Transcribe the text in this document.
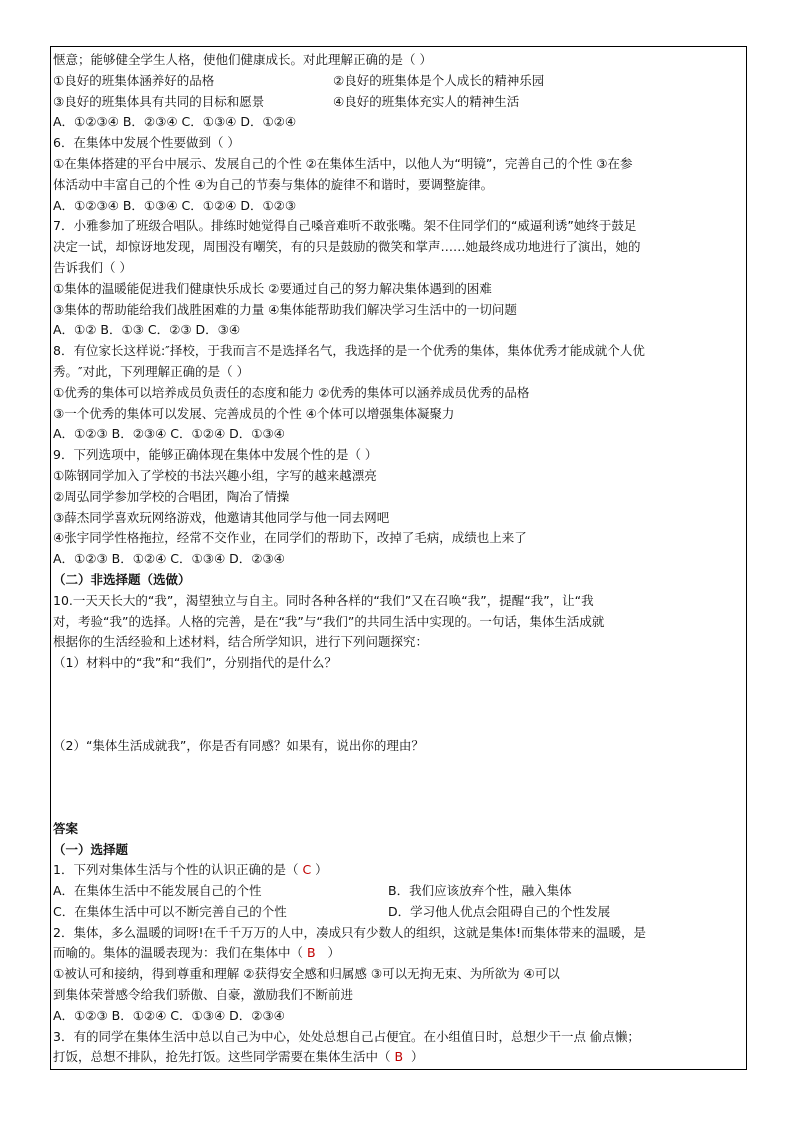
惬意；能够健全学生人格，使他们健康成长。对此理解正确的是（ ）
①良好的班集体涵养好的品格	②良好的班集体是个人成长的精神乐园
③良好的班集体具有共同的目标和愿景	④良好的班集体充实人的精神生活
A．①②③④ B．②③④ C．①③④ D．①②④
6．在集体中发展个性要做到（ ）
①在集体搭建的平台中展示、发展自己的个性 ②在集体生活中，以他人为“明镜”，完善自己的个性 ③在参
体活动中丰富自己的个性 ④为自己的节奏与集体的旋律不和谐时，要调整旋律。
A．①②③④ B．①③④ C．①②④ D．①②③
7．小雅参加了班级合唱队。排练时她觉得自己嗓音难听不敢张嘴。架不住同学们的“威逼利诱”她终于鼓足
决定一试，却惊讶地发现，周围没有嘲笑，有的只是鼓励的微笑和掌声……她最终成功地进行了演出，她的
告诉我们（ ）
①集体的温暖能促进我们健康快乐成长 ②要通过自己的努力解决集体遇到的困难
③集体的帮助能给我们战胜困难的力量 ④集体能帮助我们解决学习生活中的一切问题
A．①② B．①③ C．②③ D．③④
8．有位家长这样说:″择校，于我而言不是选择名气，我选择的是一个优秀的集体，集体优秀才能成就个人优
秀。″对此，下列理解正确的是（ ）
①优秀的集体可以培养成员负责任的态度和能力 ②优秀的集体可以涵养成员优秀的品格
③一个优秀的集体可以发展、完善成员的个性 ④个体可以增强集体凝聚力
A．①②③ B．②③④ C．①②④ D．①③④
9．下列选项中，能够正确体现在集体中发展个性的是（ ）
①陈钢同学加入了学校的书法兴趣小组，字写的越来越漂亮
②周弘同学参加学校的合唱团，陶冶了情操
③薛杰同学喜欢玩网络游戏，他邀请其他同学与他一同去网吧
④张宇同学性格拖拉，经常不交作业，在同学们的帮助下，改掉了毛病，成绩也上来了
A．①②③ B．①②④ C．①③④ D．②③④
（二）非选择题（选做）
10.一天天长大的“我”，渴望独立与自主。同时各种各样的“我们”又在召唤“我”，提醒“我”，让“我
对，考验“我”的选择。人格的完善，是在“我”与“我们”的共同生活中实现的。一句话，集体生活成就
根据你的生活经验和上述材料，结合所学知识，进行下列问题探究：
（1）材料中的“我”和“我们”，分别指代的是什么？
（2）“集体生活成就我”，你是否有同感？如果有，说出你的理由？
答案
（一）选择题
1．下列对集体生活与个性的认识正确的是（ C ）
A．在集体生活中不能发展自己的个性	B．我们应该放弃个性，融入集体
C．在集体生活中可以不断完善自己的个性	D．学习他人优点会阻碍自己的个性发展
2．集体，多么温暖的词呀!在千千万万的人中，凑成只有少数人的组织，这就是集体!而集体带来的温暖，是
而喻的。集体的温暖表现为：我们在集体中（ B   ）
①被认可和接纳，得到尊重和理解 ②获得安全感和归属感 ③可以无拘无束、为所欲为 ④可以
到集体荣誉感令给我们骄傲、自豪，激励我们不断前进
A．①②③ B．①②④ C．①③④ D．②③④
3．有的同学在集体生活中总以自己为中心，处处总想自己占便宜。在小组值日时，总想少干一点 偷点懒；
打饭，总想不排队，抢先打饭。这些同学需要在集体生活中（ B  ）
